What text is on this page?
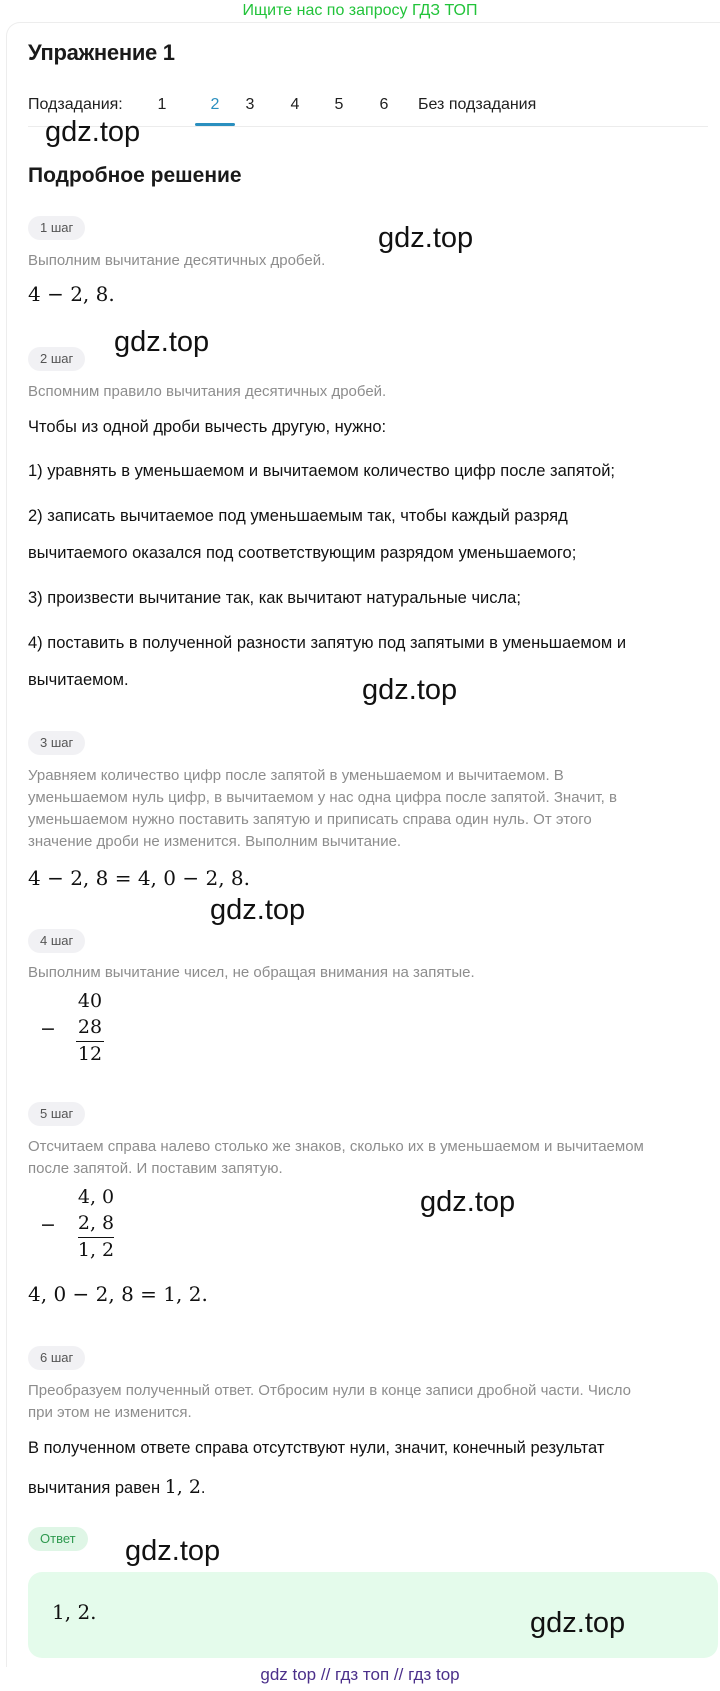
Ищите нас по запросу ГДЗ ТОП
Упражнение 1
Подзадания:	1	2	3	4	5	6	Без подзадания
gdz.top
Подробное решение
1 шаг
Выполним вычитание десятичных дробей.
4 − 2, 8.
gdz.top
2 шаг
gdz.top
Вспомним правило вычитания десятичных дробей.
Чтобы из одной дроби вычесть другую, нужно:
1) уравнять в уменьшаемом и вычитаемом количество цифр после запятой;
2) записать вычитаемое под уменьшаемым так, чтобы каждый разряд
вычитаемого оказался под соответствующим разрядом уменьшаемого;
3) произвести вычитание так, как вычитают натуральные числа;
4) поставить в полученной разности запятую под запятыми в уменьшаемом и
вычитаемом.	gdz.top
3 шаг
Уравняем количество цифр после запятой в уменьшаемом и вычитаемом. В
уменьшаемом нуль цифр, в вычитаемом у нас одна цифра после запятой. Значит, в
уменьшаемом нужно поставить запятую и приписать справа один нуль. От этого
значение дроби не изменится. Выполним вычитание.
4 − 2, 8 = 4, 0 − 2, 8.
gdz.top
4 шаг
Выполним вычитание чисел, не обращая внимания на запятые.
−
40
28
12
5 шаг
Отсчитаем справа налево столько же знаков, сколько их в уменьшаемом и вычитаемом
после запятой. И поставим запятую.
−
4, 0
2, 8
1, 2
gdz.top
4, 0 − 2, 8 = 1, 2.
6 шаг
Преобразуем полученный ответ. Отбросим нули в конце записи дробной части. Число
при этом не изменится.
В полученном ответе справа отсутствуют нули, значит, конечный результат
вычитания равен 1, 2.
Ответ	gdz.top
1, 2.	gdz.top
gdz top // гдз топ // гдз top
